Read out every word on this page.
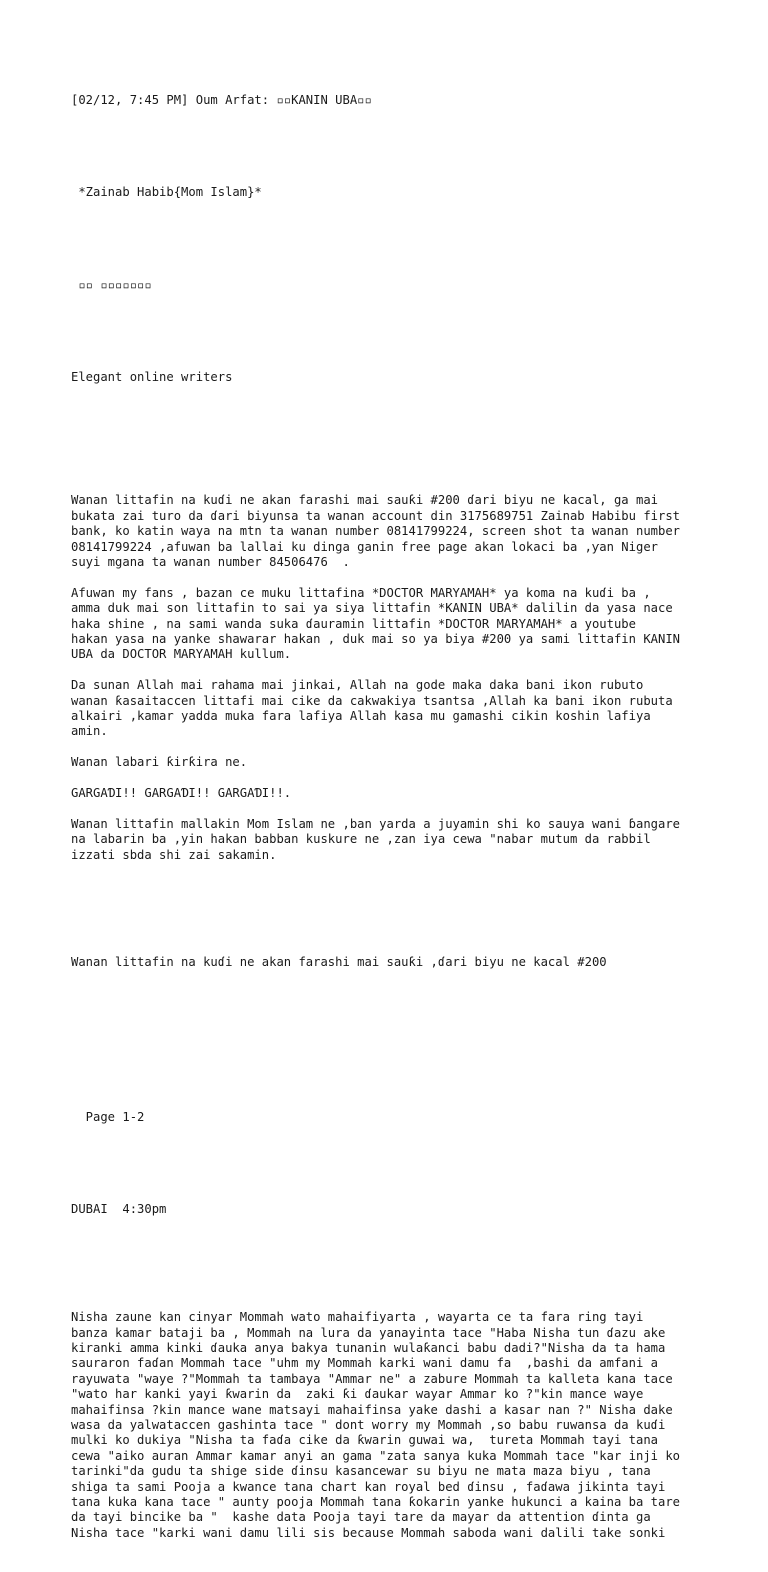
[02/12, 7:45 PM] Oum Arfat: ▫▫KANIN UBA▫▫

*Zainab Habib{Mom Islam}*

▫▫ ▫▫▫▫▫▫▫

Elegant online writers

Wanan littafin na kuɗi ne akan farashi mai sauƙi #200 ɗari biyu ne kacal, ga mai
bukata zai turo da ɗari biyunsa ta wanan account din 3175689751 Zainab Habibu first
bank, ko katin waya na mtn ta wanan number 08141799224, screen shot ta wanan number
08141799224 ,afuwan ba lallai ku dinga ganin free page akan lokaci ba ,ƴan Niger
suyi mgana ta wanan number 84506476  .
Afuwan my fans , bazan ce muku littafina *DOCTOR MARYAMAH* ya koma na kuɗi ba ,
amma duk mai son littafin to sai ya siya littafin *KANIN UBA* dalilin da yasa nace
haka shine , na sami wanda suka ɗauramin littafin *DOCTOR MARYAMAH* a youtube
hakan yasa na yanke shawarar hakan , duk mai so ya biya #200 ya sami littafin KANIN
UBA da DOCTOR MARYAMAH kullum.
Da sunan Allah mai rahama mai jinkai, Allah na gode maka daka bani ikon rubuto
wanan ƙasaitaccen littafi mai cike da cakwakiya tsantsa ,Allah ka bani ikon rubuta
alkairi ,kamar yadda muka fara lafiya Allah kasa mu gamashi cikin koshin lafiya
amin.
Wanan labari ƙirƙira ne.
GARGAƊI!! GARGAƊI!! GARGAƊI!!.
Wanan littafin mallakin Mom Islam ne ,ban yarda a juyamin shi ko sauya wani ɓangare
na labarin ba ,yin hakan babban kuskure ne ,zan iya cewa "nabar mutum da rabbil
izzati sbda shi zai sakamin.

Wanan littafin na kuɗi ne akan farashi mai sauƙi ,ɗari biyu ne kacal #200

Page 1-2

DUBAI  4:30pm

Nisha zaune kan cinyar Mommah wato mahaifiyarta , wayarta ce ta fara ring tayi
banza kamar bataji ba , Mommah na lura da yanayinta tace "Haba Nisha tun ɗazu ake
kiranki amma kinki ɗauka anya bakya tunanin wulaƙanci babu dadi?"Nisha da ta hama
sauraron faɗan Mommah tace "uhm my Mommah karki wani damu fa  ,bashi da amfani a
rayuwata "waye ?"Mommah ta tambaya "Ammar ne" a zabure Mommah ta kalleta kana tace
"wato har kanki yayi ƙwarin da  zaki ƙi ɗaukar wayar Ammar ko ?"kin mance waye
mahaifinsa ?kin mance wane matsayi mahaifinsa yake dashi a kasar nan ?" Nisha dake
wasa da yalwataccen gashinta tace " dont worry my Mommah ,so babu ruwansa da kuɗi
mulki ko dukiya "Nisha ta faɗa cike da ƙwarin guwai wa,  tureta Mommah tayi tana
cewa "aiko auran Ammar kamar anyi an gama "zata sanya kuka Mommah tace "kar inji ko
tarinki"da gudu ta shige side ɗinsu kasancewar su biyu ne mata maza biyu , tana
shiga ta sami Pooja a kwance tana chart kan royal bed ɗinsu , faɗawa jikinta tayi
tana kuka kana tace " aunty pooja Mommah tana ƙokarin yanke hukunci a kaina ba tare
da tayi bincike ba "  kashe data Pooja tayi tare da mayar da attention ɗinta ga
Nisha tace "karki wani damu lili sis because Mommah saboda wani dalili take sonki
